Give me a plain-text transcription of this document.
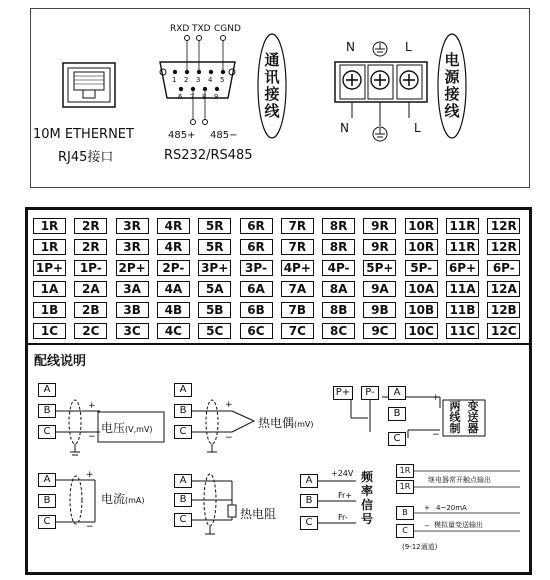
10M ETHERNET
RJ45接口
RXD TXD CGND
1 2 3 4 5
6 7 8 9
485+ 485−
RS232/RS485
通
讯
接
线
N	L
N	L
电
源
接
线
1R	2R	3R	4R	5R	6R	7R	8R	9R	10R 11R 12R
1R	2R	3R	4R	5R	6R	7R	8R	9R	10R 11R 12R
1P+	1P-	2P+	2P-	3P+	3P-	4P+	4P-	5P+	5P-	6P+	6P-
1A	2A	3A	4A	5A	6A	7A	8A	9A	10A 11A 12A
1B	2B	3B	4B	5B	6B	7B	8B	9B	10B 11B 12B
1C	2C	3C	4C	5C	6C	7C	8C	9C	10C	11C	12C
配线说明
A
B
C
+
−
电压(V,mV)
A
B
C
+
−
热电偶(mV)
P+	P-	A
B
C
+
−
两
线
制
变
送
器
A
B
C
+
−
电流(mA)
A
B
C	热电阻
A
B
C
+24V
Fr+
Fr-
频
率
信
号
1R
1R
B
C
继电器常开触点输出
+ 4~20mA
− 模拟量变送输出
(9-12通道)
